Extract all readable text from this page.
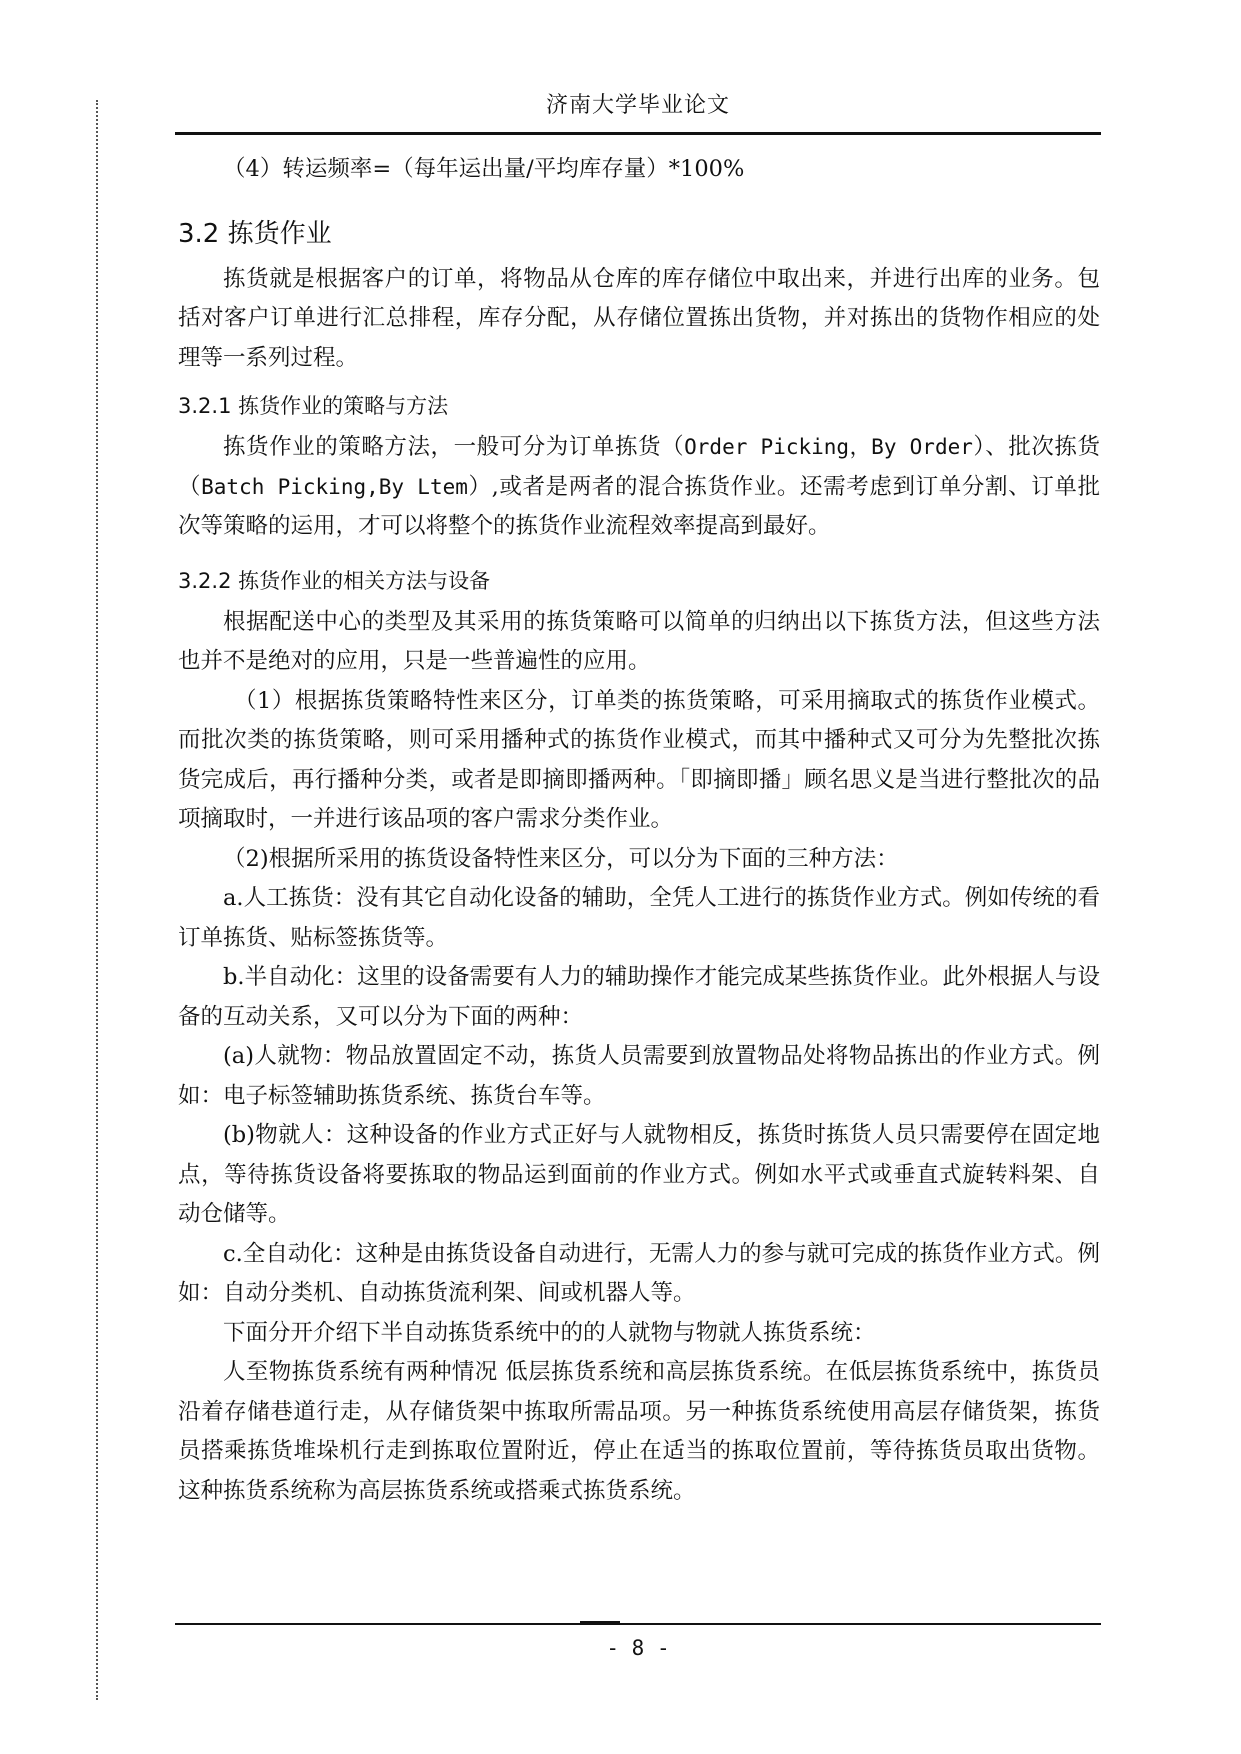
济南大学毕业论文

（4）转运频率=（每年运出量/平均库存量）*100%

3.2 拣货作业

拣货就是根据客户的订单，将物品从仓库的库存储位中取出来，并进行出库的业务。包括对客户订单进行汇总排程，库存分配，从存储位置拣出货物，并对拣出的货物作相应的处理等一系列过程。

3.2.1 拣货作业的策略与方法

拣货作业的策略方法，一般可分为订单拣货（Order Picking，By Order）、批次拣货（Batch Picking,By Ltem）,或者是两者的混合拣货作业。还需考虑到订单分割、订单批次等策略的运用，才可以将整个的拣货作业流程效率提高到最好。

3.2.2 拣货作业的相关方法与设备

根据配送中心的类型及其采用的拣货策略可以简单的归纳出以下拣货方法，但这些方法也并不是绝对的应用，只是一些普遍性的应用。

（1）根据拣货策略特性来区分，订单类的拣货策略，可采用摘取式的拣货作业模式。而批次类的拣货策略，则可采用播种式的拣货作业模式，而其中播种式又可分为先整批次拣货完成后，再行播种分类，或者是即摘即播两种。「即摘即播」顾名思义是当进行整批次的品项摘取时，一并进行该品项的客户需求分类作业。

（2)根据所采用的拣货设备特性来区分，可以分为下面的三种方法：

a.人工拣货：没有其它自动化设备的辅助，全凭人工进行的拣货作业方式。例如传统的看订单拣货、贴标签拣货等。

b.半自动化：这里的设备需要有人力的辅助操作才能完成某些拣货作业。此外根据人与设备的互动关系，又可以分为下面的两种：

(a)人就物：物品放置固定不动，拣货人员需要到放置物品处将物品拣出的作业方式。例如：电子标签辅助拣货系统、拣货台车等。

(b)物就人：这种设备的作业方式正好与人就物相反，拣货时拣货人员只需要停在固定地点，等待拣货设备将要拣取的物品运到面前的作业方式。例如水平式或垂直式旋转料架、自动仓储等。

c.全自动化：这种是由拣货设备自动进行，无需人力的参与就可完成的拣货作业方式。例如：自动分类机、自动拣货流利架、间或机器人等。

下面分开介绍下半自动拣货系统中的的人就物与物就人拣货系统：

人至物拣货系统有两种情况 低层拣货系统和高层拣货系统。在低层拣货系统中，拣货员沿着存储巷道行走，从存储货架中拣取所需品项。另一种拣货系统使用高层存储货架，拣货员搭乘拣货堆垛机行走到拣取位置附近，停止在适当的拣取位置前，等待拣货员取出货物。这种拣货系统称为高层拣货系统或搭乘式拣货系统。

- 8 -
